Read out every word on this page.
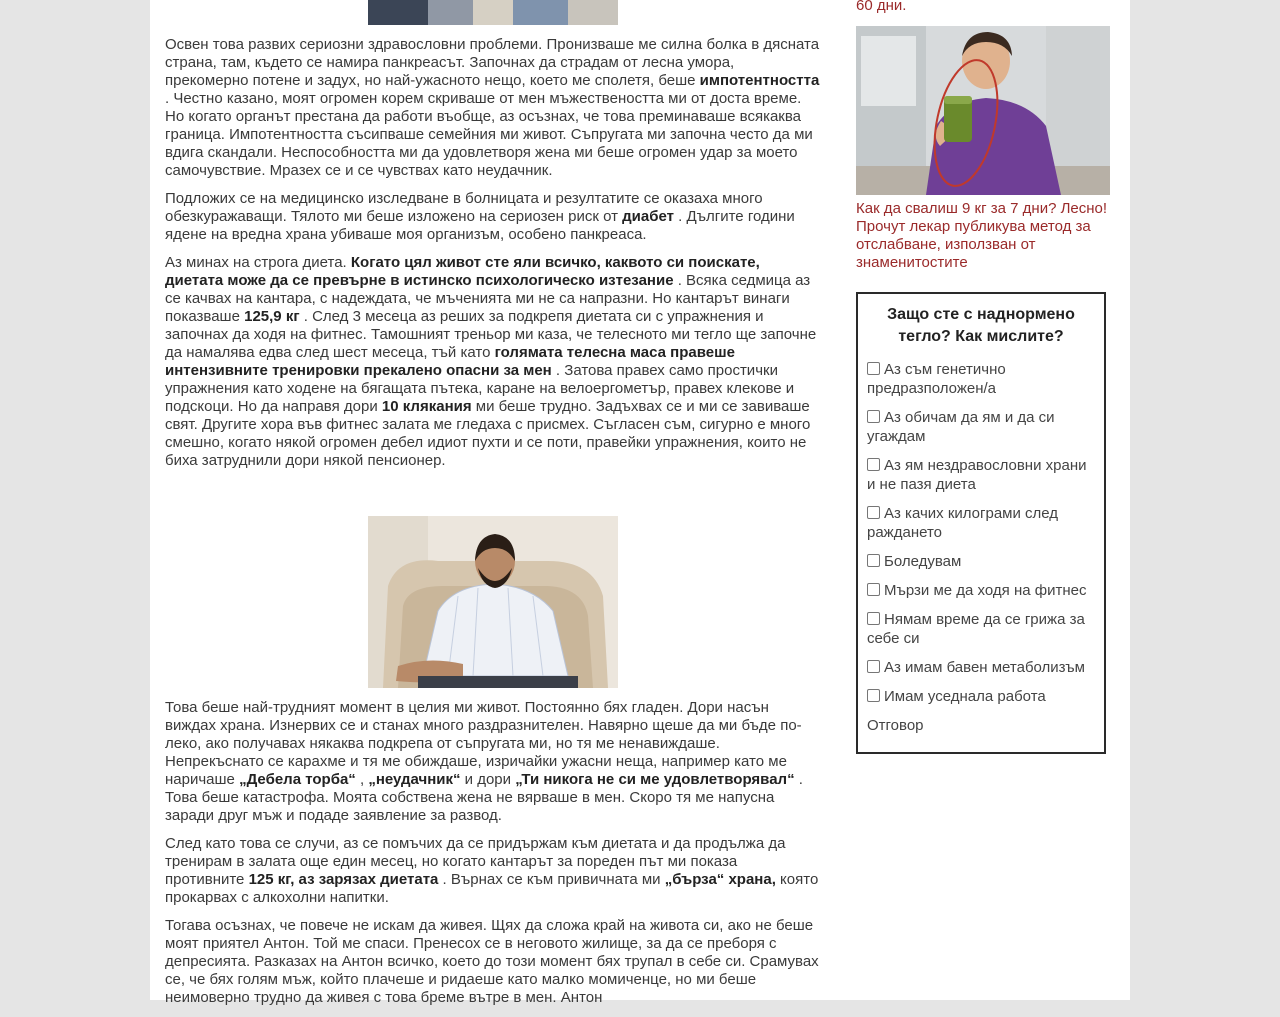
Освен това развих сериозни здравословни проблеми. Пронизваше ме силна болка в дясната страна, там, където се намира панкреасът. Започнах да страдам от лесна умора, прекомерно потене и задух, но най-ужасното нещо, което ме сполетя, беше импотентността . Честно казано, моят огромен корем скриваше от мен мъжествеността ми от доста време. Но когато органът престана да работи въобще, аз осъзнах, че това преминаваше всякаква граница. Импотентността съсипваше семейния ми живот. Съпругата ми започна често да ми вдига скандали. Неспособността ми да удовлетворя жена ми беше огромен удар за моето самочувствие. Мразех се и се чувствах като неудачник.

Подложих се на медицинско изследване в болницата и резултатите се оказаха много обезкуражаващи. Тялото ми беше изложено на сериозен риск от диабет . Дългите години ядене на вредна храна убиваше моя организъм, особено панкреаса.

Аз минах на строга диета. Когато цял живот сте яли всичко, каквото си поискате, диетата може да се превърне в истинско психологическо изтезание . Всяка седмица аз се качвах на кантара, с надеждата, че мъченията ми не са напразни. Но кантарът винаги показваше 125,9 кг . След 3 месеца аз реших за подкрепя диетата си с упражнения и започнах да ходя на фитнес. Тамошният треньор ми каза, че телесното ми тегло ще започне да намалява едва след шест месеца, тъй като голямата телесна маса правеше интензивните тренировки прекалено опасни за мен . Затова правех само простички упражнения като ходене на бягащата пътека, каране на велоергометър, правех клекове и подскоци. Но да направя дори 10 клякания ми беше трудно. Задъхвах се и ми се завиваше свят. Другите хора във фитнес залата ме гледаха с присмех. Съгласен съм, сигурно е много смешно, когато някой огромен дебел идиот пухти и се поти, правейки упражнения, които не биха затруднили дори някой пенсионер.

Това беше най-трудният момент в целия ми живот. Постоянно бях гладен. Дори насън виждах храна. Изнервих се и станах много раздразнителен. Навярно щеше да ми бъде по-леко, ако получавах някаква подкрепа от съпругата ми, но тя ме ненавиждаше. Непрекъснато се карахме и тя ме обиждаше, изричайки ужасни неща, например като ме наричаше „Дебела торба“ , „неудачник“ и дори „Ти никога не си ме удовлетворявал“ . Това беше катастрофа. Моята собствена жена не вярваше в мен. Скоро тя ме напусна заради друг мъж и подаде заявление за развод.

След като това се случи, аз се помъчих да се придържам към диетата и да продължа да тренирам в залата още един месец, но когато кантарът за пореден път ми показа противните 125 кг, аз зарязах диетата . Върнах се към привичната ми „бърза“ храна, която прокарвах с алкохолни напитки.

Тогава осъзнах, че повече не искам да живея. Щях да сложа край на живота си, ако не беше моят приятел Антон. Той ме спаси. Пренесох се в неговото жилище, за да се преборя с депресията. Разказах на Антон всичко, което до този момент бях трупал в себе си. Срамувах се, че бях голям мъж, който плачеше и ридаеше като малко момиченце, но ми беше неимоверно трудно да живея с това бреме вътре в мен. Антон

60 дни.

Как да свалиш 9 кг за 7 дни? Лесно! Прочут лекар публикува метод за отслабване, използван от знаменитостите
Защо сте с наднормено тегло? Как мислите?
Аз съм генетично предразположен/а
Аз обичам да ям и да си угаждам
Аз ям нездравословни храни и не пазя диета
Аз качих килограми след раждането
Боледувам
Мързи ме да ходя на фитнес
Нямам време да се грижа за себе си
Аз имам бавен метаболизъм
Имам уседнала работа
Отговор
